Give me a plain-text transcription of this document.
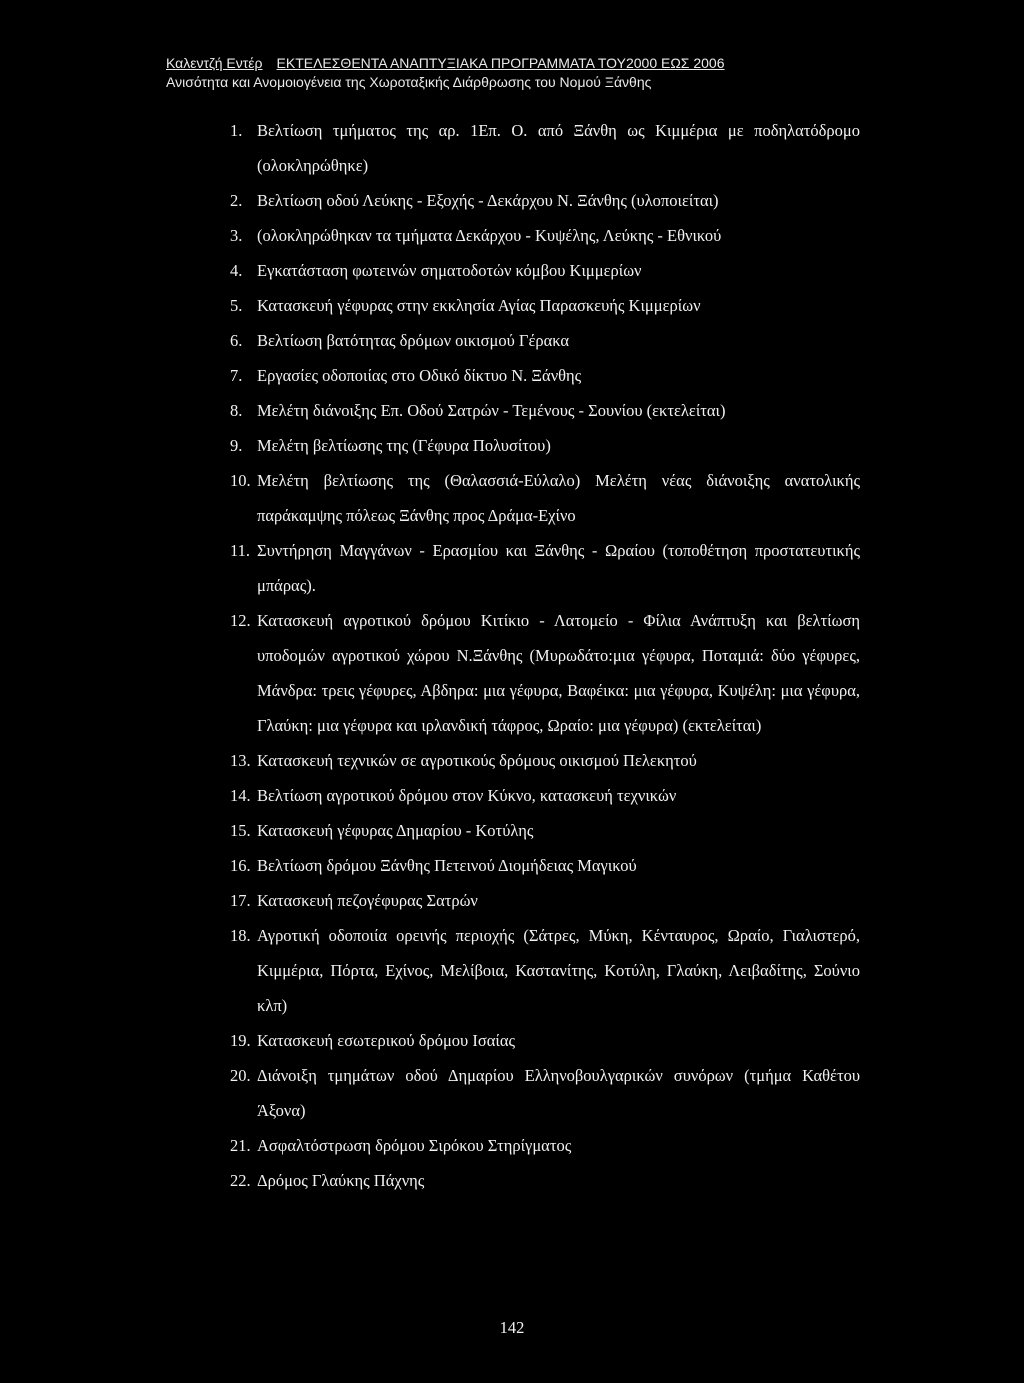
Καλεντζή Εντέρ ΕΚΤΕΛΕΣΘΕΝΤΑ ΑΝΑΠΤΥΞΙΑΚΑ ΠΡΟΓΡΑΜΜΑΤΑ ΤΟΥ2000 ΕΩΣ 2006
Ανισότητα και Ανομοιογένεια της Χωροταξικής Διάρθρωσης του Νομού Ξάνθης
1. Βελτίωση τμήματος της αρ. 1Επ. Ο. από Ξάνθη ως Κιμμέρια με ποδηλατόδρομο (ολοκληρώθηκε)
2. Βελτίωση οδού Λεύκης - Εξοχής - Δεκάρχου Ν. Ξάνθης (υλοποιείται)
3. (ολοκληρώθηκαν τα τμήματα Δεκάρχου - Κυψέλης, Λεύκης - Εθνικού
4. Εγκατάσταση φωτεινών σηματοδοτών κόμβου Κιμμερίων
5. Κατασκευή γέφυρας στην εκκλησία Αγίας Παρασκευής Κιμμερίων
6. Βελτίωση βατότητας δρόμων οικισμού Γέρακα
7. Εργασίες οδοποιίας στο Οδικό δίκτυο Ν. Ξάνθης
8. Μελέτη διάνοιξης Επ. Οδού Σατρών - Τεμένους - Σουνίου (εκτελείται)
9. Μελέτη βελτίωσης της (Γέφυρα Πολυσίτου)
10. Μελέτη βελτίωσης της (Θαλασσιά-Εύλαλο) Μελέτη νέας διάνοιξης ανατολικής παράκαμψης πόλεως Ξάνθης προς Δράμα-Εχίνο
11. Συντήρηση Μαγγάνων - Ερασμίου και Ξάνθης - Ωραίου (τοποθέτηση προστατευτικής μπάρας).
12. Κατασκευή αγροτικού δρόμου Κιτίκιο - Λατομείο - Φίλια Ανάπτυξη και βελτίωση υποδομών αγροτικού χώρου Ν.Ξάνθης (Μυρωδάτο:μια γέφυρα, Ποταμιά: δύο γέφυρες, Μάνδρα: τρεις γέφυρες, Αβδηρα: μια γέφυρα, Βαφέικα: μια γέφυρα, Κυψέλη: μια γέφυρα, Γλαύκη: μια γέφυρα και ιρλανδική τάφρος, Ωραίο: μια γέφυρα) (εκτελείται)
13. Κατασκευή τεχνικών σε αγροτικούς δρόμους οικισμού Πελεκητού
14. Βελτίωση αγροτικού δρόμου στον Κύκνο, κατασκευή τεχνικών
15. Κατασκευή γέφυρας Δημαρίου - Κοτύλης
16. Βελτίωση δρόμου Ξάνθης Πετεινού Διομήδειας Μαγικού
17. Κατασκευή πεζογέφυρας Σατρών
18. Αγροτική οδοποιία ορεινής περιοχής (Σάτρες, Μύκη, Κένταυρος, Ωραίο, Γιαλιστερό, Κιμμέρια, Πόρτα, Εχίνος, Μελίβοια, Καστανίτης, Κοτύλη, Γλαύκη, Λειβαδίτης, Σούνιο κλπ)
19. Κατασκευή εσωτερικού δρόμου Ισαίας
20. Διάνοιξη τμημάτων οδού Δημαρίου Ελληνοβουλγαρικών συνόρων (τμήμα Καθέτου Άξονα)
21. Ασφαλτόστρωση δρόμου Σιρόκου Στηρίγματος
22. Δρόμος Γλαύκης Πάχνης
142
